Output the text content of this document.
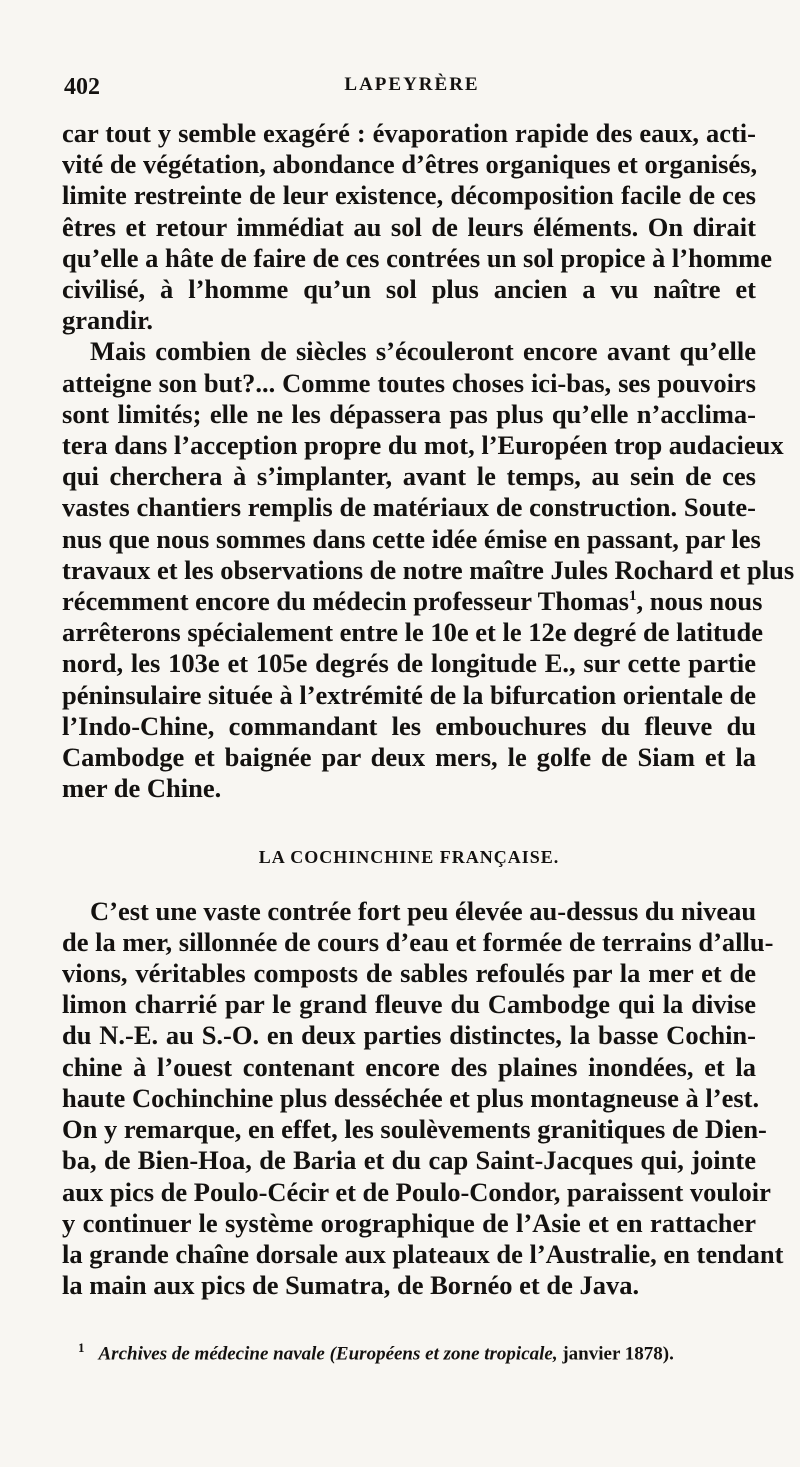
402	LAPEYRÈRE
car tout y semble exagéré : évaporation rapide des eaux, acti-
vité de végétation, abondance d’êtres organiques et organisés,
limite restreinte de leur existence, décomposition facile de ces
êtres et retour immédiat au sol de leurs éléments. On dirait
qu’elle a hâte de faire de ces contrées un sol propice à l’homme
civilisé, à l’homme qu’un sol plus ancien a vu naître et
grandir.
Mais combien de siècles s’écouleront encore avant qu’elle
atteigne son but?... Comme toutes choses ici-bas, ses pouvoirs
sont limités; elle ne les dépassera pas plus qu’elle n’acclima-
tera dans l’acception propre du mot, l’Européen trop audacieux
qui cherchera à s’implanter, avant le temps, au sein de ces
vastes chantiers remplis de matériaux de construction. Soute-
nus que nous sommes dans cette idée émise en passant, par les
travaux et les observations de notre maître Jules Rochard et plus
récemment encore du médecin professeur Thomas$^1$, nous nous
arrêterons spécialement entre le 10e et le 12e degré de latitude
nord, les 103e et 105e degrés de longitude E., sur cette partie
péninsulaire située à l’extrémité de la bifurcation orientale de
l’Indo-Chine, commandant les embouchures du fleuve du
Cambodge et baignée par deux mers, le golfe de Siam et la
mer de Chine.
LA COCHINCHINE FRANÇAISE.
C’est une vaste contrée fort peu élevée au-dessus du niveau
de la mer, sillonnée de cours d’eau et formée de terrains d’allu-
vions, véritables composts de sables refoulés par la mer et de
limon charrié par le grand fleuve du Cambodge qui la divise
du N.-E. au S.-O. en deux parties distinctes, la basse Cochin-
chine à l’ouest contenant encore des plaines inondées, et la
haute Cochinchine plus desséchée et plus montagneuse à l’est.
On y remarque, en effet, les soulèvements granitiques de Dien-
ba, de Bien-Hoa, de Baria et du cap Saint-Jacques qui, jointe
aux pics de Poulo-Cécir et de Poulo-Condor, paraissent vouloir
y continuer le système orographique de l’Asie et en rattacher
la grande chaîne dorsale aux plateaux de l’Australie, en tendant
la main aux pics de Sumatra, de Bornéo et de Java.
$^1$ Archives de médecine navale (Européens et zone tropicale, janvier 1878).
